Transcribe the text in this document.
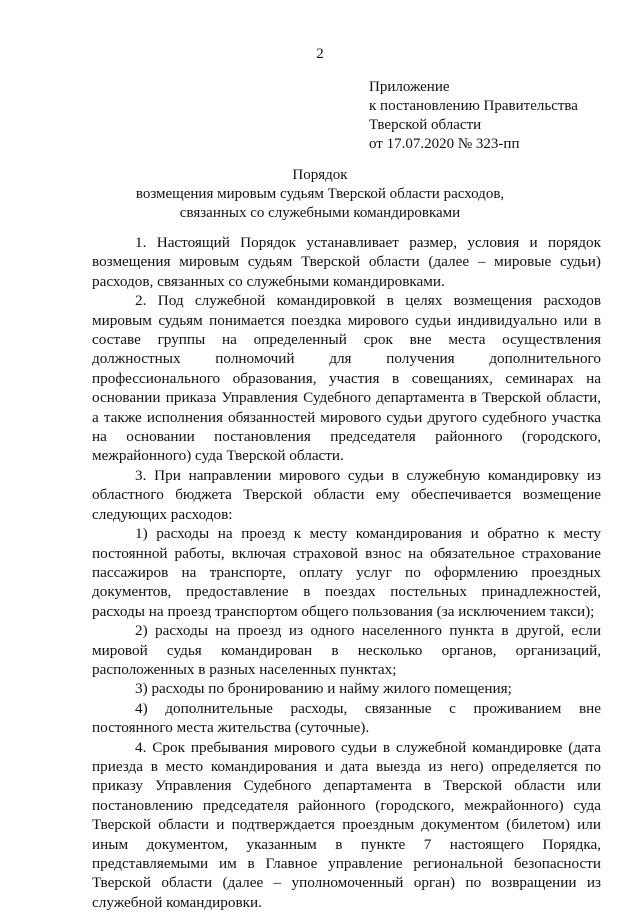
2
Приложение
к постановлению Правительства
Тверской области
от 17.07.2020 № 323-пп
Порядок
возмещения мировым судьям Тверской области расходов,
связанных со служебными командировками

1. Настоящий Порядок устанавливает размер, условия и порядок возмещения мировым судьям Тверской области (далее – мировые судьи) расходов, связанных со служебными командировками.

2. Под служебной командировкой в целях возмещения расходов мировым судьям понимается поездка мирового судьи индивидуально или в составе группы на определенный срок вне места осуществления должностных полномочий для получения дополнительного профессионального образования, участия в совещаниях, семинарах на основании приказа Управления Судебного департамента в Тверской области, а также исполнения обязанностей мирового судьи другого судебного участка на основании постановления председателя районного (городского, межрайонного) суда Тверской области.

3. При направлении мирового судьи в служебную командировку из областного бюджета Тверской области ему обеспечивается возмещение следующих расходов:

1) расходы на проезд к месту командирования и обратно к месту постоянной работы, включая страховой взнос на обязательное страхование пассажиров на транспорте, оплату услуг по оформлению проездных документов, предоставление в поездах постельных принадлежностей, расходы на проезд транспортом общего пользования (за исключением такси);

2) расходы на проезд из одного населенного пункта в другой, если мировой судья командирован в несколько органов, организаций, расположенных в разных населенных пунктах;

3) расходы по бронированию и найму жилого помещения;

4) дополнительные расходы, связанные с проживанием вне постоянного места жительства (суточные).

4. Срок пребывания мирового судьи в служебной командировке (дата приезда в место командирования и дата выезда из него) определяется по приказу Управления Судебного департамента в Тверской области или постановлению председателя районного (городского, межрайонного) суда Тверской области и подтверждается проездным документом (билетом) или иным документом, указанным в пункте 7 настоящего Порядка, представляемыми им в Главное управление региональной безопасности Тверской области (далее – уполномоченный орган) по возвращении из служебной командировки.
